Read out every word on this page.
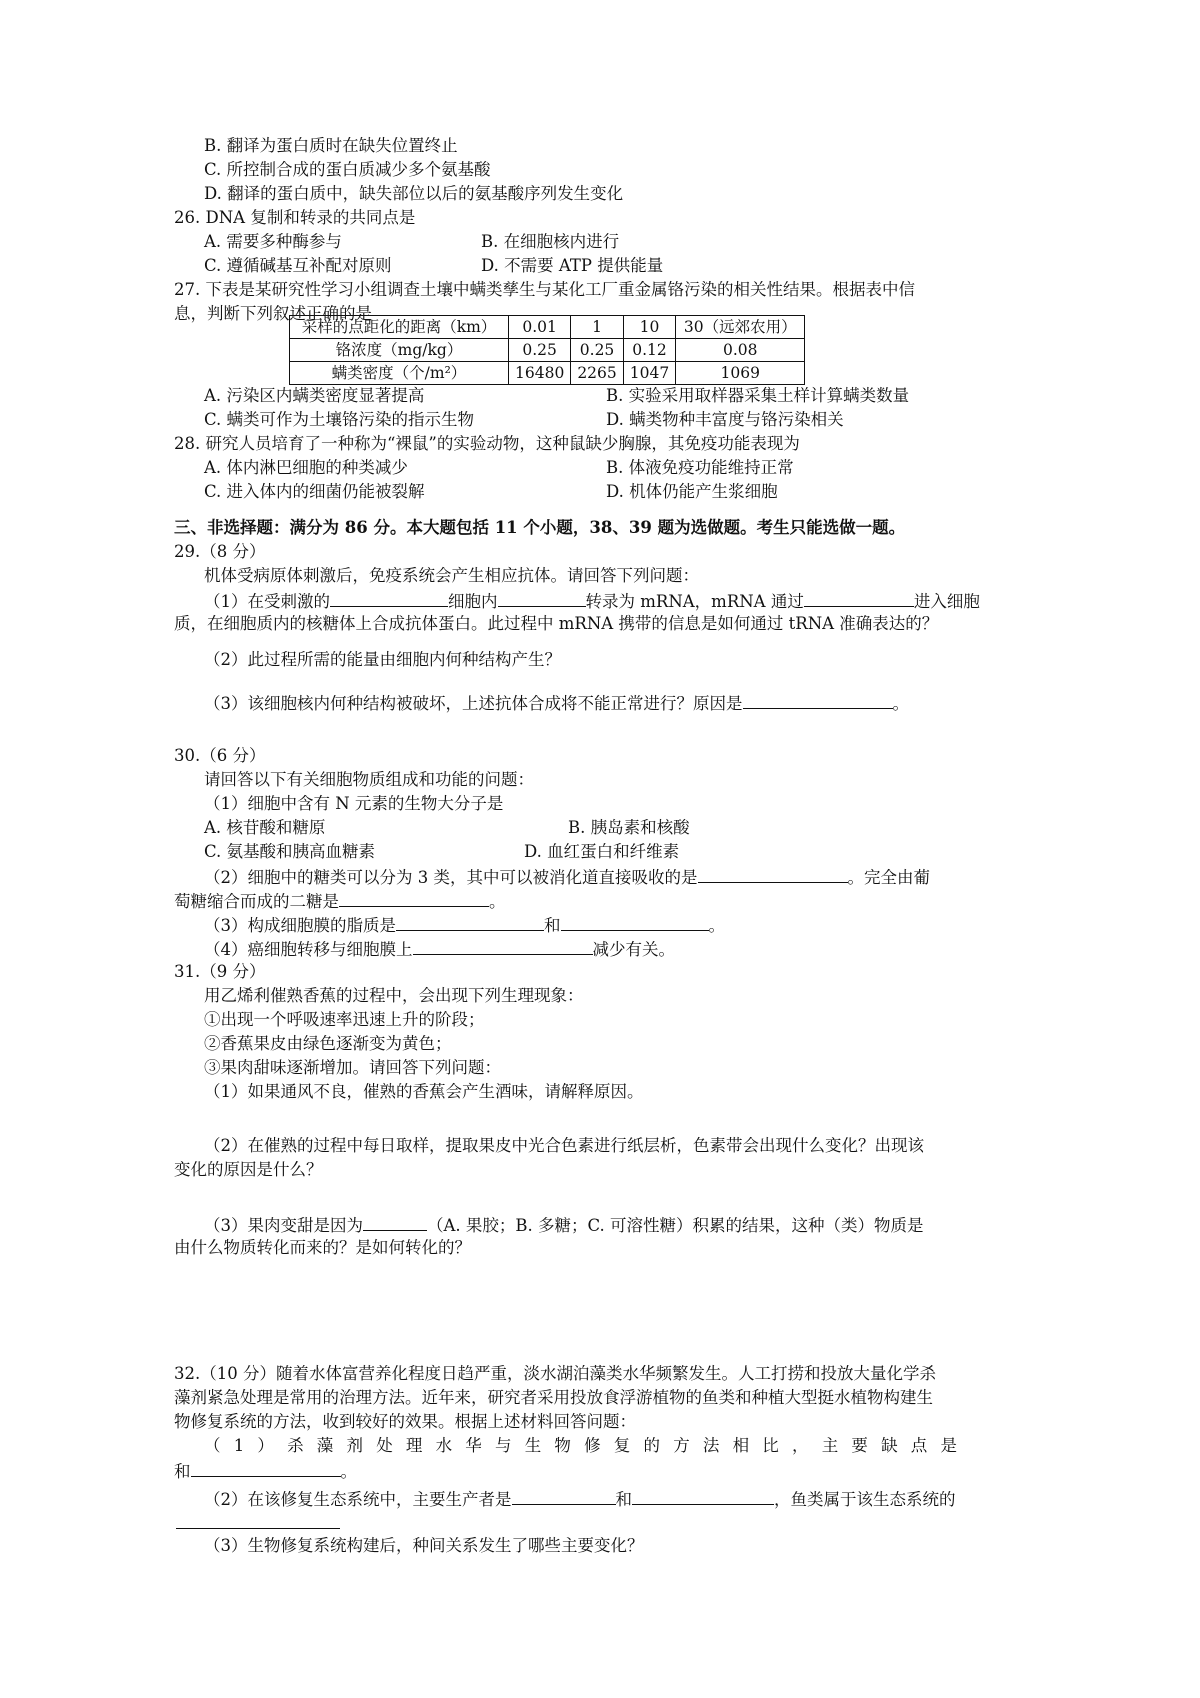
B. 翻译为蛋白质时在缺失位置终止
C. 所控制合成的蛋白质减少多个氨基酸
D. 翻译的蛋白质中，缺失部位以后的氨基酸序列发生变化
26. DNA 复制和转录的共同点是
A. 需要多种酶参与	B. 在细胞核内进行
C. 遵循碱基互补配对原则	D. 不需要 ATP 提供能量
27. 下表是某研究性学习小组调查土壤中螨类孳生与某化工厂重金属铬污染的相关性结果。根据表中信
息，判断下列叙述正确的是
采样的点距化的距离（km）	0.01	1	10	30（远郊农用）
铬浓度（mg/kg）	0.25	0.25	0.12	0.08
螨类密度（个/m²）	16480	2265	1047	1069
A. 污染区内螨类密度显著提高	B. 实验采用取样器采集土样计算螨类数量
C. 螨类可作为土壤铬污染的指示生物	D. 螨类物种丰富度与铬污染相关
28. 研究人员培育了一种称为“裸鼠”的实验动物，这种鼠缺少胸腺，其免疫功能表现为
A. 体内淋巴细胞的种类减少	B. 体液免疫功能维持正常
C. 进入体内的细菌仍能被裂解	D. 机体仍能产生浆细胞
三、非选择题：满分为 86 分。本大题包括 11 个小题，38、39 题为选做题。考生只能选做一题。
29.（8 分）
机体受病原体刺激后，免疫系统会产生相应抗体。请回答下列问题：
（1）在受刺激的	细胞内	转录为 mRNA，mRNA 通过	进入细胞
质，在细胞质内的核糖体上合成抗体蛋白。此过程中 mRNA 携带的信息是如何通过 tRNA 准确表达的？
（2）此过程所需的能量由细胞内何种结构产生？
（3）该细胞核内何种结构被破坏，上述抗体合成将不能正常进行？原因是	。
30.（6 分）
请回答以下有关细胞物质组成和功能的问题：
（1）细胞中含有 N 元素的生物大分子是
A. 核苷酸和糖原	B. 胰岛素和核酸
C. 氨基酸和胰高血糖素	D. 血红蛋白和纤维素
（2）细胞中的糖类可以分为 3 类，其中可以被消化道直接吸收的是	。完全由葡
萄糖缩合而成的二糖是	。
（3）构成细胞膜的脂质是	和	。
（4）癌细胞转移与细胞膜上	减少有关。
31.（9 分）
用乙烯利催熟香蕉的过程中，会出现下列生理现象：
①出现一个呼吸速率迅速上升的阶段；
②香蕉果皮由绿色逐渐变为黄色；
③果肉甜味逐渐增加。请回答下列问题：
（1）如果通风不良，催熟的香蕉会产生酒味，请解释原因。
（2）在催熟的过程中每日取样，提取果皮中光合色素进行纸层析，色素带会出现什么变化？出现该
变化的原因是什么？
（3）果肉变甜是因为	（A. 果胶；B. 多糖；C. 可溶性糖）积累的结果，这种（类）物质是
由什么物质转化而来的？是如何转化的？
32.（10 分）随着水体富营养化程度日趋严重，淡水湖泊藻类水华频繁发生。人工打捞和投放大量化学杀
藻剂紧急处理是常用的治理方法。近年来，研究者采用投放食浮游植物的鱼类和种植大型挺水植物构建生
物修复系统的方法，收到较好的效果。根据上述材料回答问题：
（1）杀藻剂处理水华与生物修复的方法相比，主要缺点是
和	。
（2）在该修复生态系统中，主要生产者是	和	，鱼类属于该生态系统的
（3）生物修复系统构建后，种间关系发生了哪些主要变化？
